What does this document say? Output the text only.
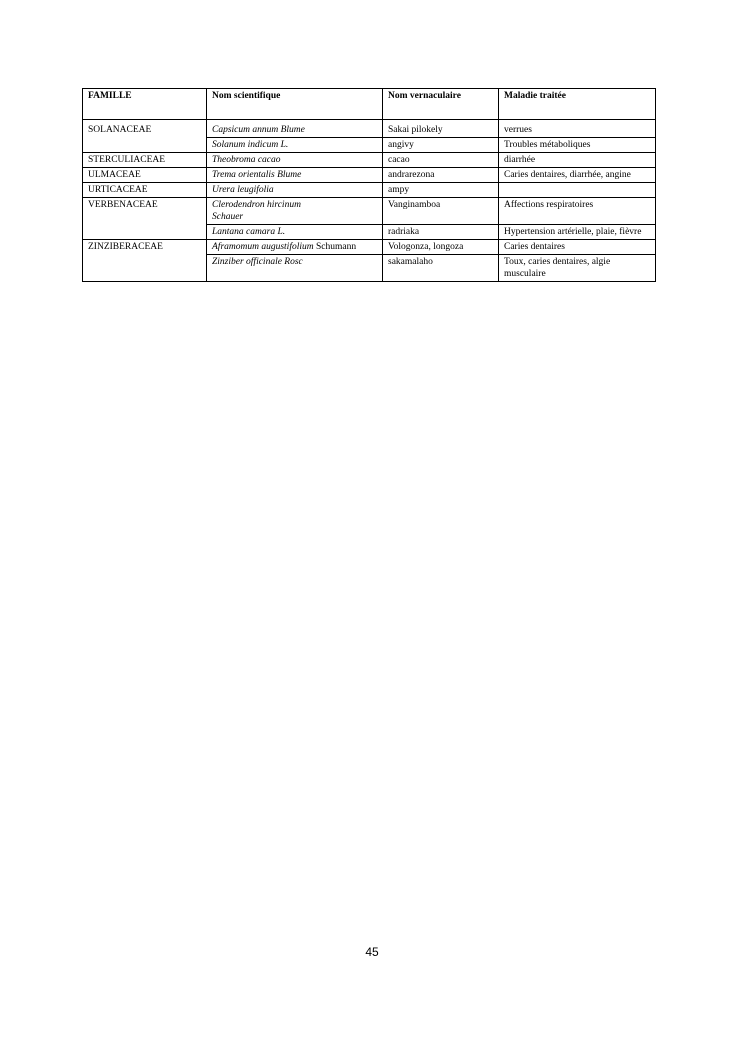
FAMILLE	Nom scientifique	Nom vernaculaire	Maladie traitée
SOLANACEAE	Capsicum annum Blume	Sakai pilokely	verrues
	Solanum indicum L.	angivy	Troubles métaboliques
STERCULIACEAE	Theobroma cacao	cacao	diarrhée
ULMACEAE	Trema orientalis Blume	andrarezona	Caries dentaires, diarrhée, angine
URTICACEAE	Urera leugifolia	ampy	
VERBENACEAE	Clerodendron hircinum Schauer	Vanginamboa	Affections respiratoires
	Lantana camara L.	radriaka	Hypertension artérielle, plaie, fièvre
ZINZIBERACEAE	Aframomum augustifolium Schumann	Vologonza, longoza	Caries dentaires
	Zinziber officinale Rosc	sakamalaho	Toux, caries dentaires, algie musculaire
45
